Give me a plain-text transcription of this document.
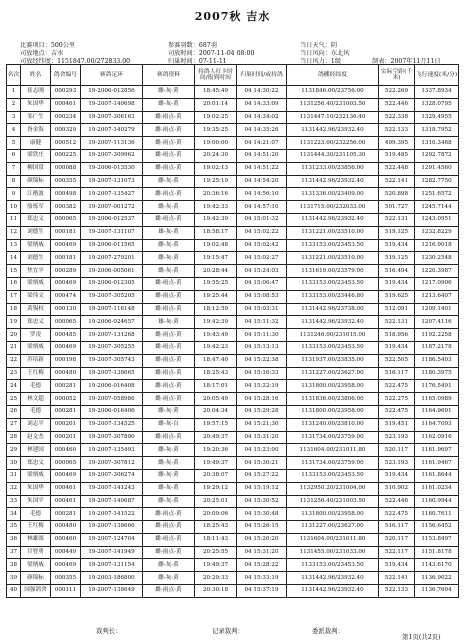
2007秋 吉水
比赛项目：500公里	参赛羽数：687羽	当日天气：阴
司放地点：吉水	司放时间：2007-11-04 08:00	当日风向：东北风
司放经纬度：1151847.00/272833.00	归巢时间：07-11-11	当日风力：1级	制表：2007年11月11日
名次	姓名	鸽舍编号	赛鸽足环	赛鸽资料	持鸽人打卡时间/报到时间	归巢时间/或持鸽	鸽棚经纬度	实际空距(千米)	飞行速度(米/分)
1	崔志刚	000293	19-2006-012856	雌-灰-黄	18:45:49	04 14:30:22	1131846.00/23756.00	522.269	1337.8934
2	朱国华	000461	19-2007-140698	雌-灰-黄	20:01:14	04 14:33:09	1131256.40/231003.50	522.446	1328.0795
3	邹广生	000234	19-2007-306163	雌-雨点-黄	19:02:25	04 14:34:02	1131447.10/232136.40	522.338	1329.4955
4	胥金海	000329	19-2007-140279	雌-雨点-黄	19:35:25	04 14:35:26	1131442.96/23932.40	522.133	1318.7952
5	康健	000512	19-2007-113136	雌-雨点-黄	19:00:00	04 14:21:07	1131223.00/232256.00	499.395	1310.3468
6	梁铁庄	000225	19-2007-309962	雌-雨点-黄	20:24:30	04 14:51:20	1131444.30/231105.30	519.485	1292.7872
7	柳国常	000088	19-2006-013530	雌-雨点-黄	19:02:13	04 14:51:22	1131233.00/23856.00	522.448	1291.4560
8	颜锦标	000355	19-2007-131073	雌-灰-黄	19:25:19	04 14:54:20	1131442.96/23932.40	522.141	1282.7750
9	江楷波	000498	19-2007-135427	雌-雨点-黄	20:36:16	04 14:56:10	1131336.00/23409.00	520.898	1251.6572
10	骆炼军	000382	19-2007-001272	雌-灰-黄	19:42:33	04 14:57:10	1131715.00/232033.00	501.727	1245.7144
11	郑忠义	000065	19-2006-012537	雌-雨点-黄	19:42:39	04 15:01:32	1131442.96/23932.40	522.131	1243.0951
12	刘德生	000181	19-2007-131107	雄-灰-黄	18:58:17	04 15:02:22	1131221.00/23510.00	519.125	1232.8229
13	梁炳威	000469	19-2006-011565	雌-灰-黄	19:02:48	04 15:02:42	1133153.00/23453.50	519.434	1216.9018
14	刘德生	000181	19-2007-279201	雌-灰-黄	19:15:47	04 15:02:27	1131221.00/23510.00	519.125	1230.2548
15	焦宜平	000289	19-2006-005061	雌-灰-黄	20:28:44	04 15:24:03	1131619.00/23579.00	516.494	1220.3987
16	梁炳威	000469	19-2006-012305	雌-雨点-黄	19:55:25	04 15:06:47	1133153.00/23453.50	519.434	1217.0906
17	梁伟文	000474	19-2007-305205	雌-雨点-黄	19:25:44	04 15:08:53	1133153.00/23446.80	519.625	1213.6407
18	黄锡权	000130	19-2007-116148	雌-雨点-黄	18:12:59	04 15:03:31	1131442.96/23738.00	512.091	1209.1401
19	郑忠义	000065	19-2006-024657	雄-灰-黄	19:42:39	04 15:11:32	1131442.96/23932.40	522.131	1207.4116
20	罗凌	000485	19-2007-131268	雌-雨点-黄	19:43:49	04 15:11:30	1131246.00/231015.00	518.956	1192.2258
21	梁炳威	000469	19-2007-305255	雌-雨点-黄	19:42:23	04 15:13:13	1133153.00/23453.50	519.434	1187.2178
22	苏培新	000198	19-2007-305743	雌-雨点-黄	18:47:40	04 15:22:38	1131937.00/23835.00	522.505	1186.5403
23	王红梅	000480	19-2007-138665	雌-雨点-黄	18:25:43	04 15:16:33	1131227.00/23627.00	516.117	1180.3975
24	毛德	000281	19-2006-016408	雌-雨点-黄	18:17:01	04 15:22:19	1131800.00/23958.00	522.475	1176.5491
25	林文超	000052	19-2007-058986	雌-雨点-黄	20:05:49	04 15:28:16	1131836.00/23806.00	522.275	1165.0989
26	毛德	000281	19-2006-016406	雌-灰-黄	20:04:34	04 15:29:28	1131800.00/23958.00	522.475	1164.9691
27	刘志平	000201	19-2007-134525	雌-灰-白	19:57:15	04 15:21:30	1131240.00/23810.00	519.451	1164.7093
28	赵文杰	000201	19-2007-307890	雌-雨点-黄	20:49:37	04 15:31:20	1131734.00/23759.00	523.193	1162.0916
29	林建国	000460	19-2007-135493	雌-灰-黄	19:20:36	04 15:23:00	1131604.00/231011.80	520.117	1161.9697
30	郑忠义	000065	19-2007-307812	雌-灰-黄	19:49:37	04 15:30:21	1131734.00/23759.00	523.193	1161.9467
31	梁炳威	000469	19-2007-306274	雌-灰-黄	20:38:07	04 15:27:22	1133153.00/23453.50	519.434	1161.8644
32	朱国华	000461	19-2007-141243	雌-灰-黄	19:29:12	04 15:19:12	1132950.20/231004.00	510.902	1161.0234
33	朱国平	000461	19-2007-140687	雌-灰-黄	20:25:01	04 15:30:52	1131256.40/231003.50	522.446	1160.9944
34	毛德	000281	19-2007-141522	雌-雨点-黄	20:09:06	04 15:30:48	1131800.00/23958.00	522.475	1160.7611
35	王红梅	000480	19-2007-138666	雌-雨点-黄	18:25:43	04 15:26:15	1131227.00/23627.00	516.117	1156.6452
36	林雄图	000460	19-2007-124704	雌-雨点-黄	18:11:43	04 15:26:20	1131604.00/231011.80	520.117	1153.8497
37	甘智勇	000449	19-2007-141949	雌-雨点-黄	20:25:55	04 15:31:20	1131455.00/231033.00	522.117	1151.8178
38	梁炳威	000469	19-2007-131154	雌-灰-黄	19:49:37	04 15:28:22	1133153.00/23453.50	519.434	1143.6170
39	颜锦标	000355	19-2003-186800	雌-灰-黄	20:29:33	04 15:33:19	1131442.96/23932.40	522.141	1136.9022
40	国强鸽舍	000111	19-2007-138649	雌-雨点-黄	20:30:18	04 15:37:19	1131442.96/23932.40	522.133	1136.7604
裁判长：	记录裁判：	委派裁判：
第1页(共2页)
